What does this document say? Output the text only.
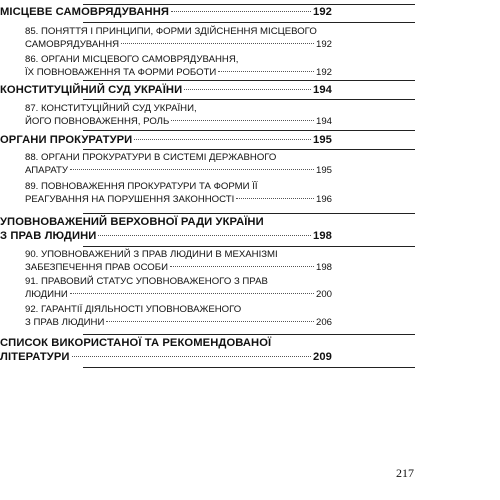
МІСЦЕВЕ САМОВРЯДУВАННЯ	192
85. ПОНЯТТЯ І ПРИНЦИПИ, ФОРМИ ЗДІЙСНЕННЯ МІСЦЕВОГО
САМОВРЯДУВАННЯ	192
86. ОРГАНИ МІСЦЕВОГО САМОВРЯДУВАННЯ,
ЇХ ПОВНОВАЖЕННЯ ТА ФОРМИ РОБОТИ	192
КОНСТИТУЦІЙНИЙ СУД УКРАЇНИ	194
87. КОНСТИТУЦІЙНИЙ СУД УКРАЇНИ,
ЙОГО ПОВНОВАЖЕННЯ, РОЛЬ	194
ОРГАНИ ПРОКУРАТУРИ	195
88. ОРГАНИ ПРОКУРАТУРИ В СИСТЕМІ ДЕРЖАВНОГО
АПАРАТУ	195
89. ПОВНОВАЖЕННЯ ПРОКУРАТУРИ ТА ФОРМИ ЇЇ
РЕАГУВАННЯ НА ПОРУШЕННЯ ЗАКОННОСТІ	196
УПОВНОВАЖЕНИЙ ВЕРХОВНОЇ РАДИ УКРАЇНИ
З ПРАВ ЛЮДИНИ	198
90. УПОВНОВАЖЕНИЙ З ПРАВ ЛЮДИНИ В МЕХАНІЗМІ
ЗАБЕЗПЕЧЕННЯ ПРАВ ОСОБИ	198
91. ПРАВОВИЙ СТАТУС УПОВНОВАЖЕНОГО З ПРАВ
ЛЮДИНИ	200
92. ГАРАНТІЇ ДІЯЛЬНОСТІ УПОВНОВАЖЕНОГО
З ПРАВ ЛЮДИНИ	206
СПИСОК ВИКОРИСТАНОЇ ТА РЕКОМЕНДОВАНОЇ
ЛІТЕРАТУРИ	209
217
